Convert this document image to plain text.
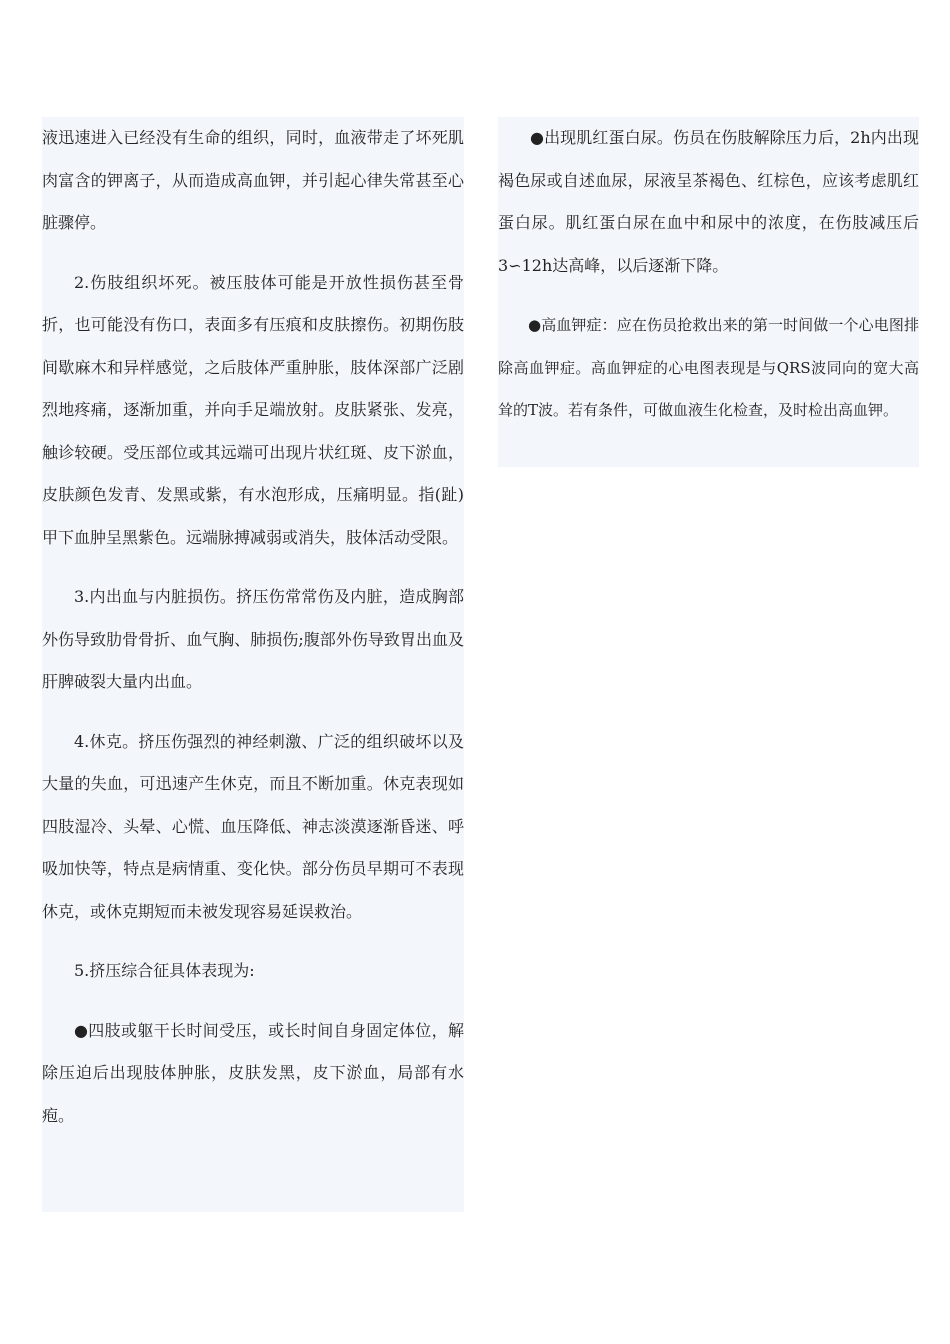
液迅速进入已经没有生命的组织，同时，血液带走了坏死肌肉富含的钾离子，从而造成高血钾，并引起心律失常甚至心脏骤停。

2.伤肢组织坏死。被压肢体可能是开放性损伤甚至骨折，也可能没有伤口，表面多有压痕和皮肤擦伤。初期伤肢间歇麻木和异样感觉，之后肢体严重肿胀，肢体深部广泛剧烈地疼痛，逐渐加重，并向手足端放射。皮肤紧张、发亮，触诊较硬。受压部位或其远端可出现片状红斑、皮下淤血，皮肤颜色发青、发黑或紫，有水泡形成，压痛明显。指(趾)甲下血肿呈黑紫色。远端脉搏减弱或消失，肢体活动受限。

3.内出血与内脏损伤。挤压伤常常伤及内脏，造成胸部外伤导致肋骨骨折、血气胸、肺损伤;腹部外伤导致胃出血及肝脾破裂大量内出血。

4.休克。挤压伤强烈的神经刺激、广泛的组织破坏以及大量的失血，可迅速产生休克，而且不断加重。休克表现如四肢湿冷、头晕、心慌、血压降低、神志淡漠逐渐昏迷、呼吸加快等，特点是病情重、变化快。部分伤员早期可不表现休克，或休克期短而未被发现容易延误救治。

5.挤压综合征具体表现为:

●四肢或躯干长时间受压，或长时间自身固定体位，解除压迫后出现肢体肿胀，皮肤发黑，皮下淤血，局部有水疱。

●出现肌红蛋白尿。伤员在伤肢解除压力后，2h内出现褐色尿或自述血尿，尿液呈茶褐色、红棕色，应该考虑肌红蛋白尿。肌红蛋白尿在血中和尿中的浓度，在伤肢减压后3∽12h达高峰，以后逐渐下降。

●高血钾症：应在伤员抢救出来的第一时间做一个心电图排除高血钾症。高血钾症的心电图表现是与QRS波同向的宽大高耸的T波。若有条件，可做血液生化检查，及时检出高血钾。
